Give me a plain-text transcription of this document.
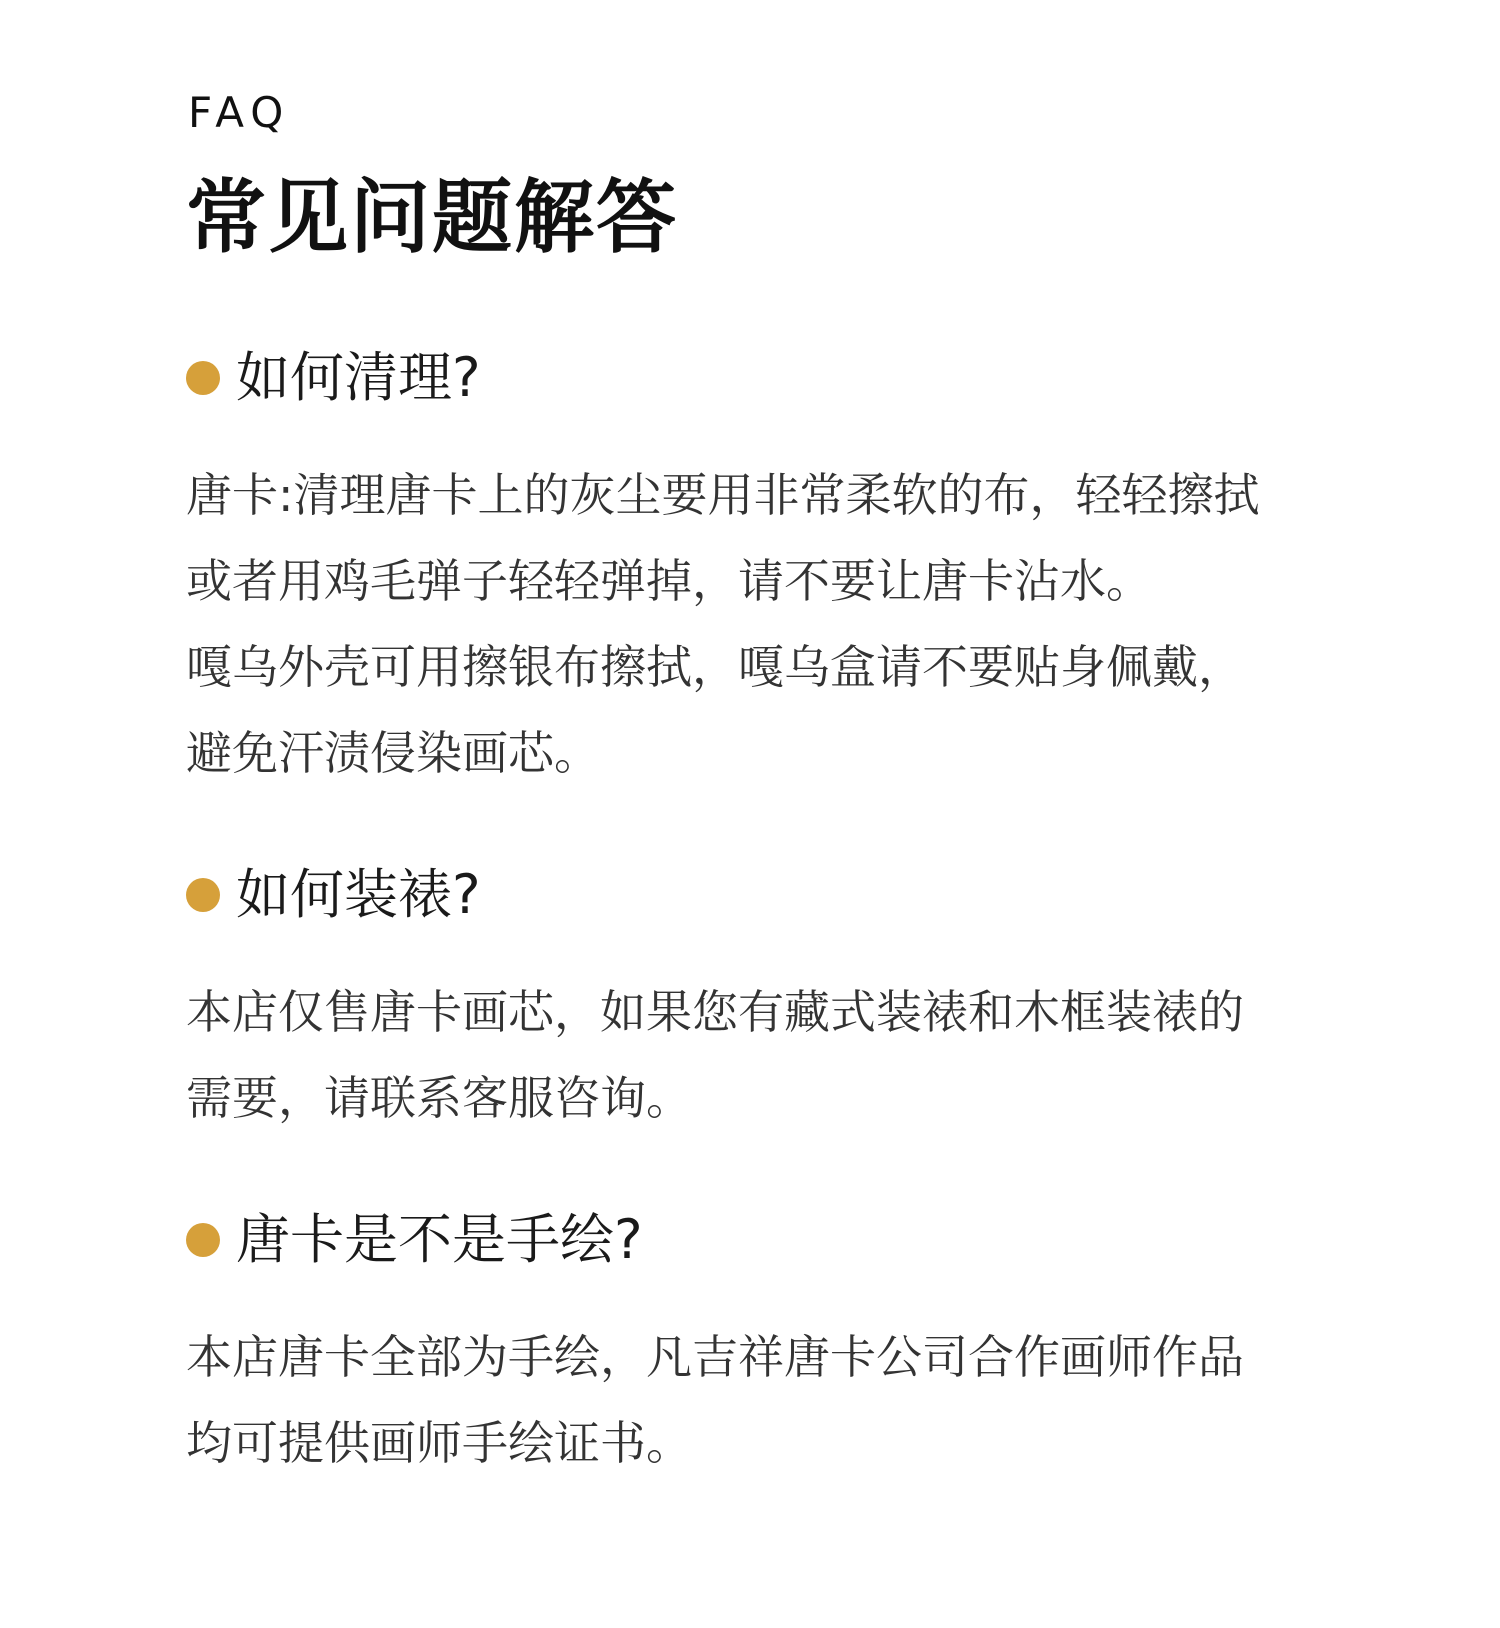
FAQ
常见问题解答
如何清理?
唐卡:清理唐卡上的灰尘要用非常柔软的布，轻轻擦拭
或者用鸡毛弹子轻轻弹掉，请不要让唐卡沾水。
嘎乌外壳可用擦银布擦拭，嘎乌盒请不要贴身佩戴，
避免汗渍侵染画芯。
如何装裱?
本店仅售唐卡画芯，如果您有藏式装裱和木框装裱的
需要，请联系客服咨询。
唐卡是不是手绘?
本店唐卡全部为手绘，凡吉祥唐卡公司合作画师作品
均可提供画师手绘证书。
